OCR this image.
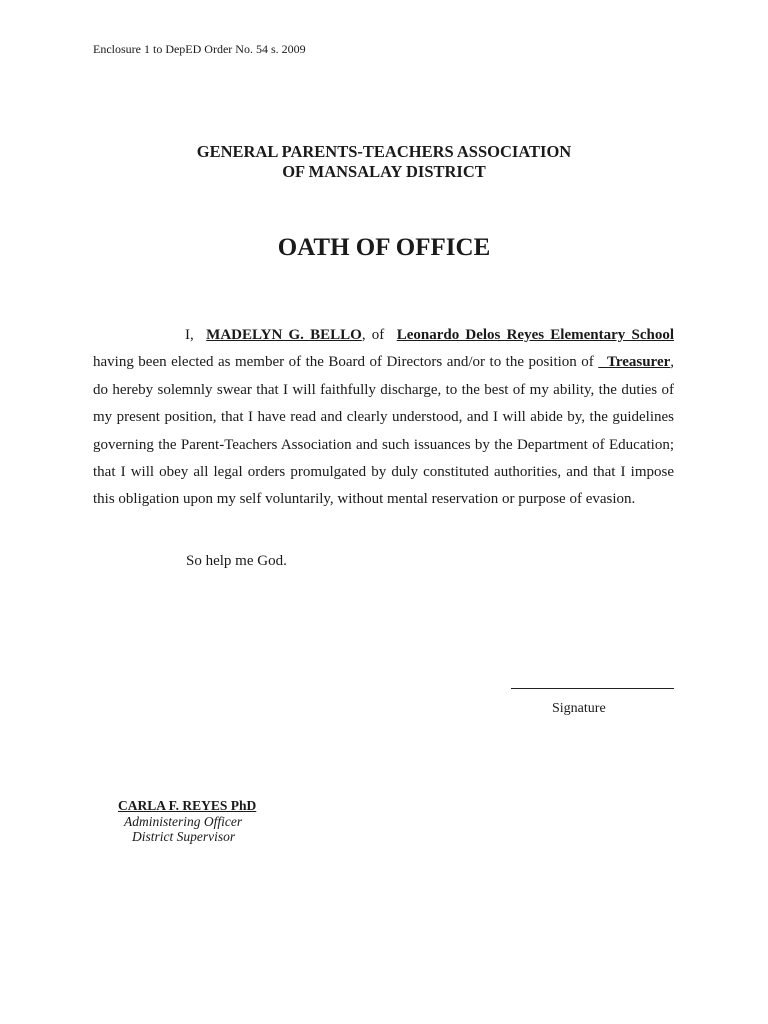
Enclosure 1 to DepED Order No. 54 s. 2009
GENERAL PARENTS-TEACHERS ASSOCIATION
OF MANSALAY DISTRICT
OATH OF OFFICE
I, MADELYN G. BELLO, of Leonardo Delos Reyes Elementary School having been elected as member of the Board of Directors and/or to the position of Treasurer, do hereby solemnly swear that I will faithfully discharge, to the best of my ability, the duties of my present position, that I have read and clearly understood, and I will abide by, the guidelines governing the Parent-Teachers Association and such issuances by the Department of Education; that I will obey all legal orders promulgated by duly constituted authorities, and that I impose this obligation upon my self voluntarily, without mental reservation or purpose of evasion.
So help me God.
Signature
CARLA F. REYES PhD
Administering Officer
District Supervisor
